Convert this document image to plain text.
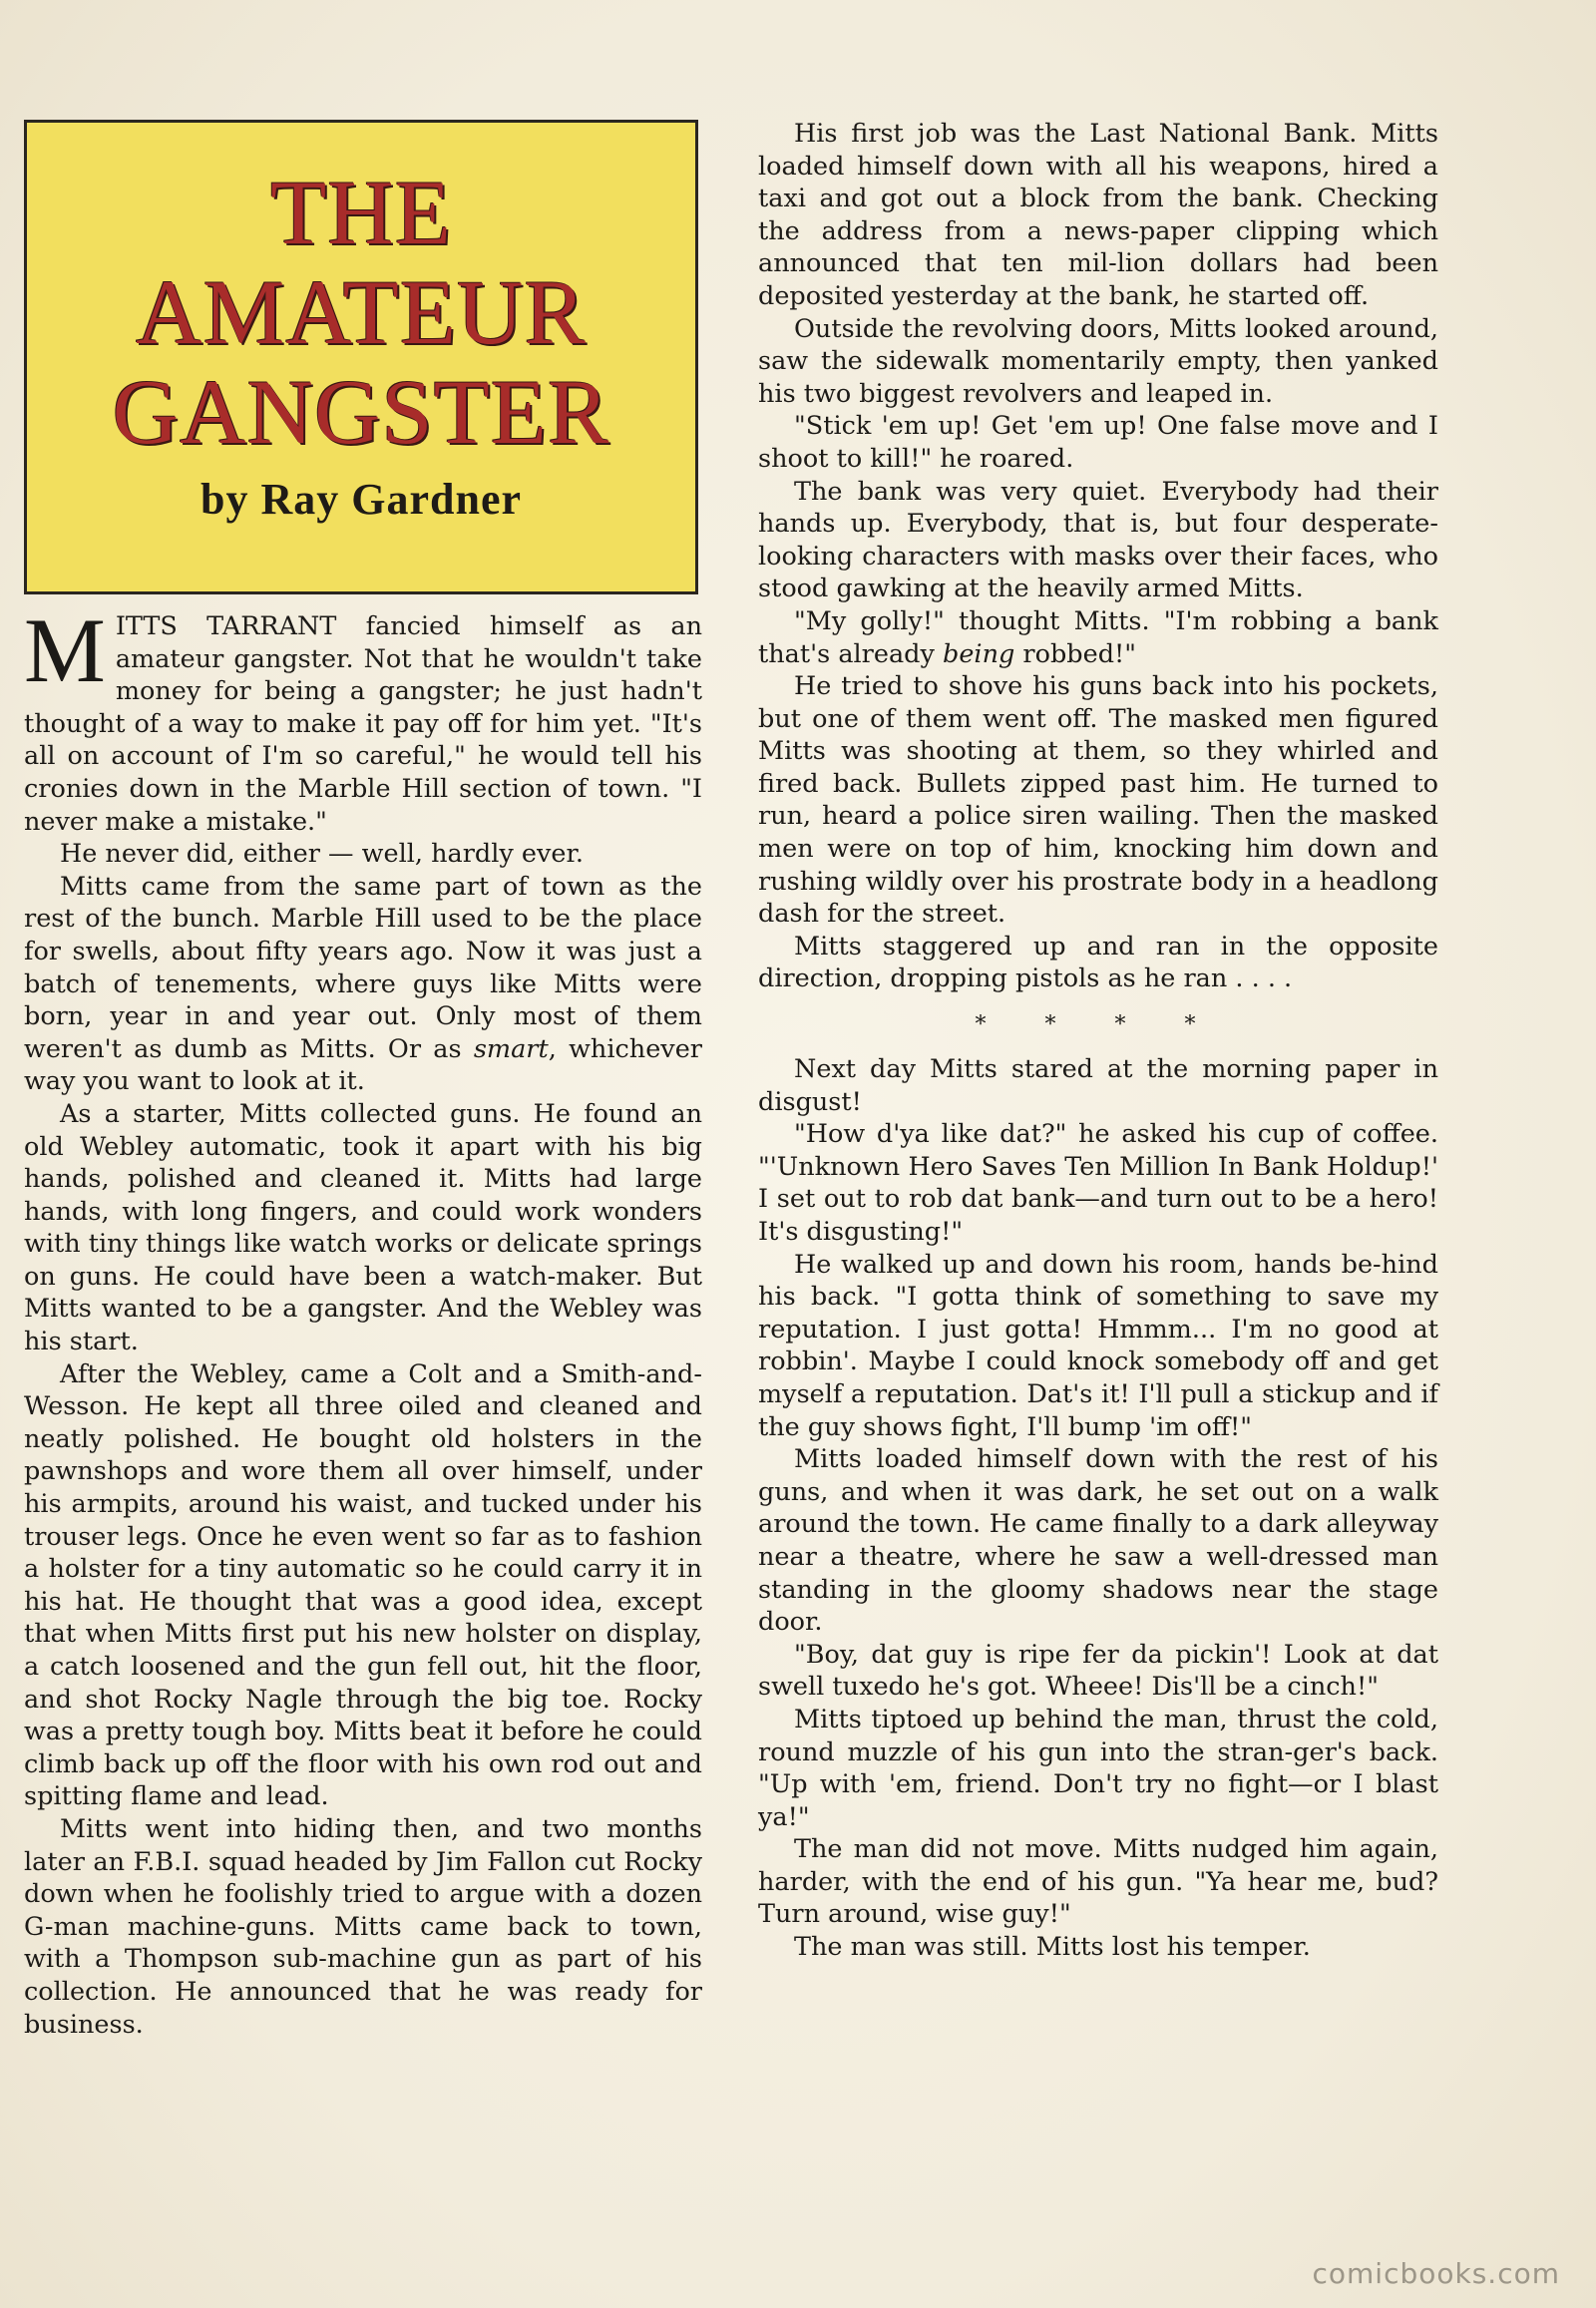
THE
AMATEUR
GANGSTER
by Ray Gardner

MITTS TARRANT fancied himself as an amateur gangster. Not that he wouldn't take money for being a gangster; he just hadn't thought of a way to make it pay off for him yet. "It's all on account of I'm so careful," he would tell his cronies down in the Marble Hill section of town. "I never make a mistake."

He never did, either — well, hardly ever.

Mitts came from the same part of town as the rest of the bunch. Marble Hill used to be the place for swells, about fifty years ago. Now it was just a batch of tenements, where guys like Mitts were born, year in and year out. Only most of them weren't as dumb as Mitts. Or as smart, whichever way you want to look at it.

As a starter, Mitts collected guns. He found an old Webley automatic, took it apart with his big hands, polished and cleaned it. Mitts had large hands, with long fingers, and could work wonders with tiny things like watch works or delicate springs on guns. He could have been a watch-maker. But Mitts wanted to be a gangster. And the Webley was his start.

After the Webley, came a Colt and a Smith-and-Wesson. He kept all three oiled and cleaned and neatly polished. He bought old holsters in the pawnshops and wore them all over himself, under his armpits, around his waist, and tucked under his trouser legs. Once he even went so far as to fashion a holster for a tiny automatic so he could carry it in his hat. He thought that was a good idea, except that when Mitts first put his new holster on display, a catch loosened and the gun fell out, hit the floor, and shot Rocky Nagle through the big toe. Rocky was a pretty tough boy. Mitts beat it before he could climb back up off the floor with his own rod out and spitting flame and lead.

Mitts went into hiding then, and two months later an F.B.I. squad headed by Jim Fallon cut Rocky down when he foolishly tried to argue with a dozen G-man machine-guns. Mitts came back to town, with a Thompson sub-machine gun as part of his collection. He announced that he was ready for business.

His first job was the Last National Bank. Mitts loaded himself down with all his weapons, hired a taxi and got out a block from the bank. Checking the address from a news-paper clipping which announced that ten mil-lion dollars had been deposited yesterday at the bank, he started off.

Outside the revolving doors, Mitts looked around, saw the sidewalk momentarily empty, then yanked his two biggest revolvers and leaped in.

"Stick 'em up! Get 'em up! One false move and I shoot to kill!" he roared.

The bank was very quiet. Everybody had their hands up. Everybody, that is, but four desperate-looking characters with masks over their faces, who stood gawking at the heavily armed Mitts.

"My golly!" thought Mitts. "I'm robbing a bank that's already being robbed!"

He tried to shove his guns back into his pockets, but one of them went off. The masked men figured Mitts was shooting at them, so they whirled and fired back. Bullets zipped past him. He turned to run, heard a police siren wailing. Then the masked men were on top of him, knocking him down and rushing wildly over his prostrate body in a headlong dash for the street.

Mitts staggered up and ran in the opposite direction, dropping pistols as he ran . . . .

* * * *

Next day Mitts stared at the morning paper in disgust!

"How d'ya like dat?" he asked his cup of coffee. "'Unknown Hero Saves Ten Million In Bank Holdup!' I set out to rob dat bank—and turn out to be a hero! It's disgusting!"

He walked up and down his room, hands be-hind his back. "I gotta think of something to save my reputation. I just gotta! Hmmm... I'm no good at robbin'. Maybe I could knock somebody off and get myself a reputation. Dat's it! I'll pull a stickup and if the guy shows fight, I'll bump 'im off!"

Mitts loaded himself down with the rest of his guns, and when it was dark, he set out on a walk around the town. He came finally to a dark alleyway near a theatre, where he saw a well-dressed man standing in the gloomy shadows near the stage door.

"Boy, dat guy is ripe fer da pickin'! Look at dat swell tuxedo he's got. Wheee! Dis'll be a cinch!"

Mitts tiptoed up behind the man, thrust the cold, round muzzle of his gun into the stran-ger's back. "Up with 'em, friend. Don't try no fight—or I blast ya!"

The man did not move. Mitts nudged him again, harder, with the end of his gun. "Ya hear me, bud? Turn around, wise guy!"

The man was still. Mitts lost his temper.

comicbooks.com
